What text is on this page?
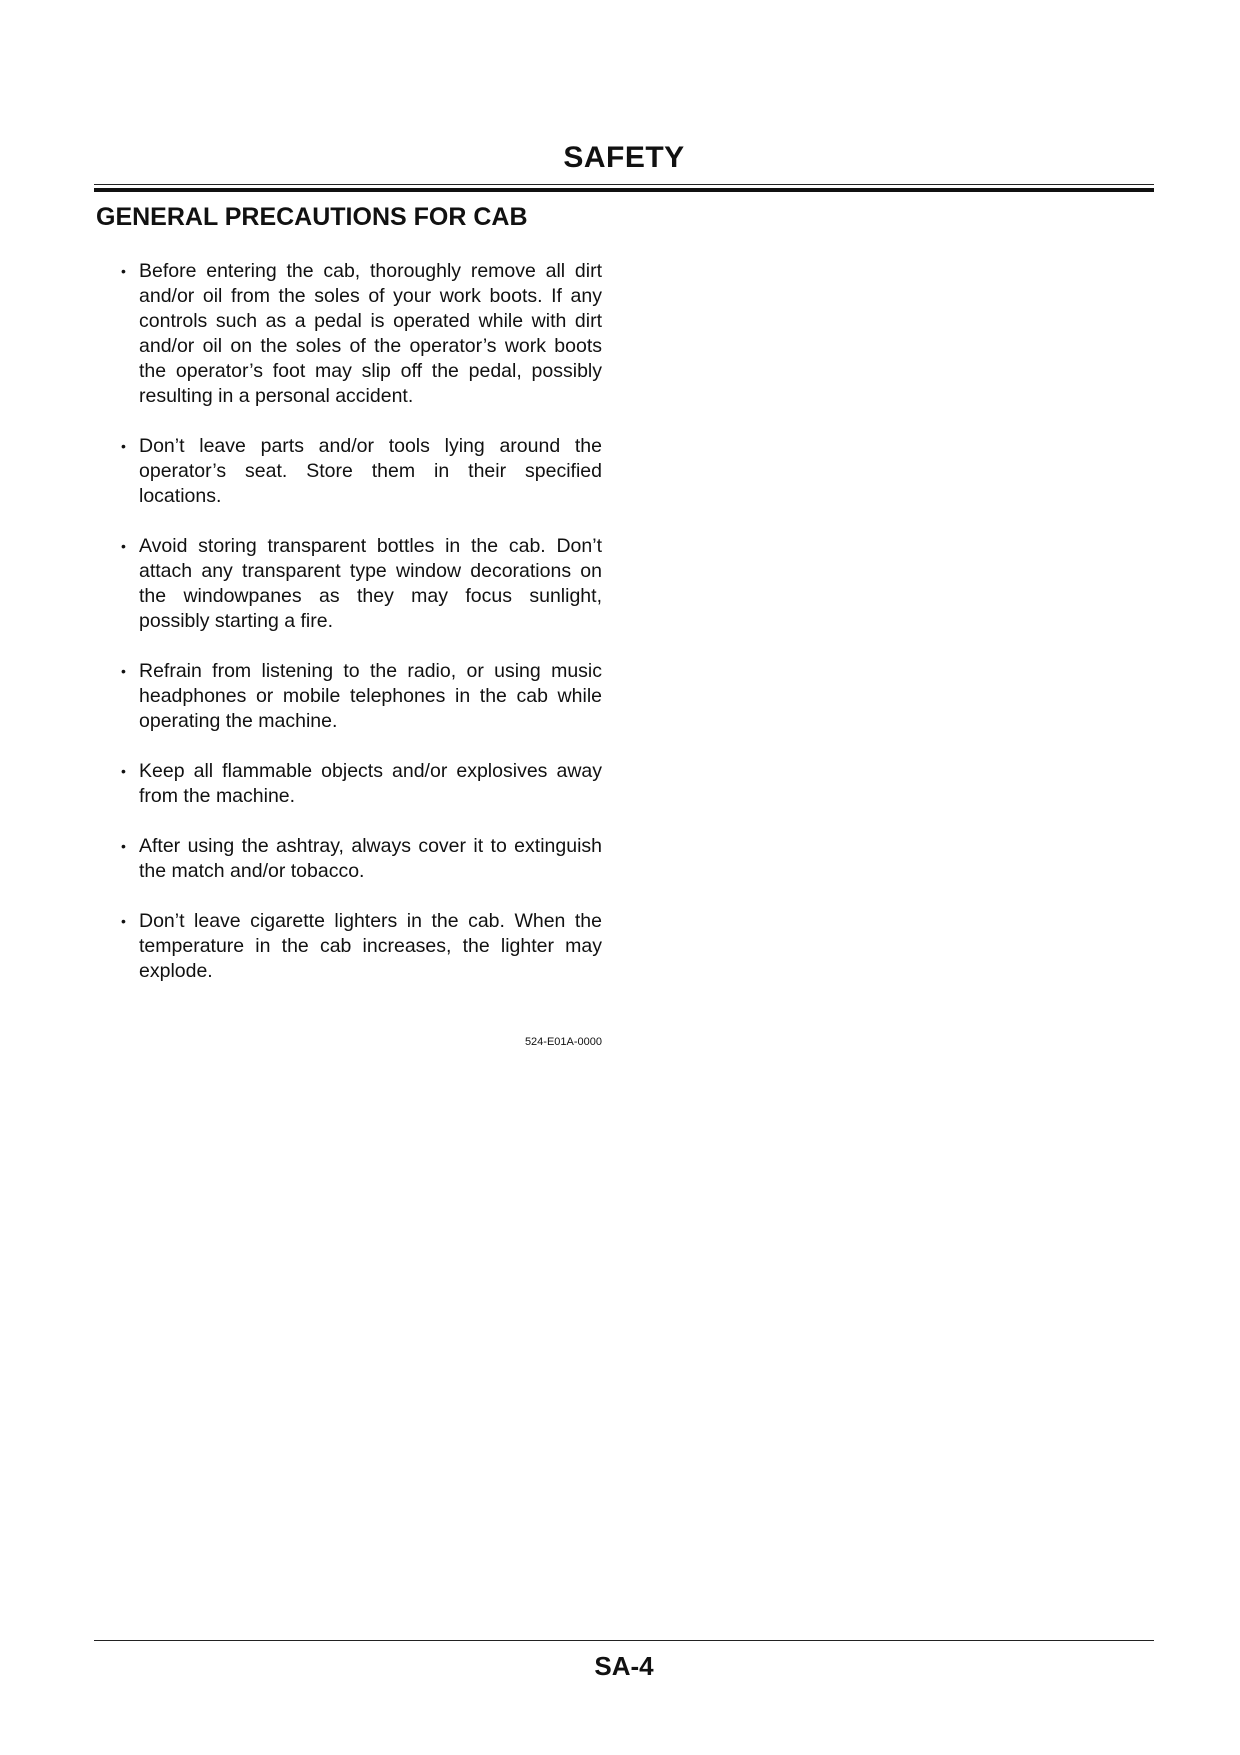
SAFETY
GENERAL PRECAUTIONS FOR CAB
• Before entering the cab, thoroughly remove all dirt and/or oil from the soles of your work boots. If any controls such as a pedal is operated while with dirt and/or oil on the soles of the operator’s work boots the operator’s foot may slip off the pedal, possibly resulting in a personal accident.
• Don’t leave parts and/or tools lying around the operator’s seat. Store them in their specified locations.
• Avoid storing transparent bottles in the cab. Don’t attach any transparent type window decorations on the windowpanes as they may focus sunlight, possibly starting a fire.
• Refrain from listening to the radio, or using music headphones or mobile telephones in the cab while operating the machine.
• Keep all flammable objects and/or explosives away from the machine.
• After using the ashtray, always cover it to extinguish the match and/or tobacco.
• Don’t leave cigarette lighters in the cab. When the temperature in the cab increases, the lighter may explode.
524-E01A-0000
SA-4
